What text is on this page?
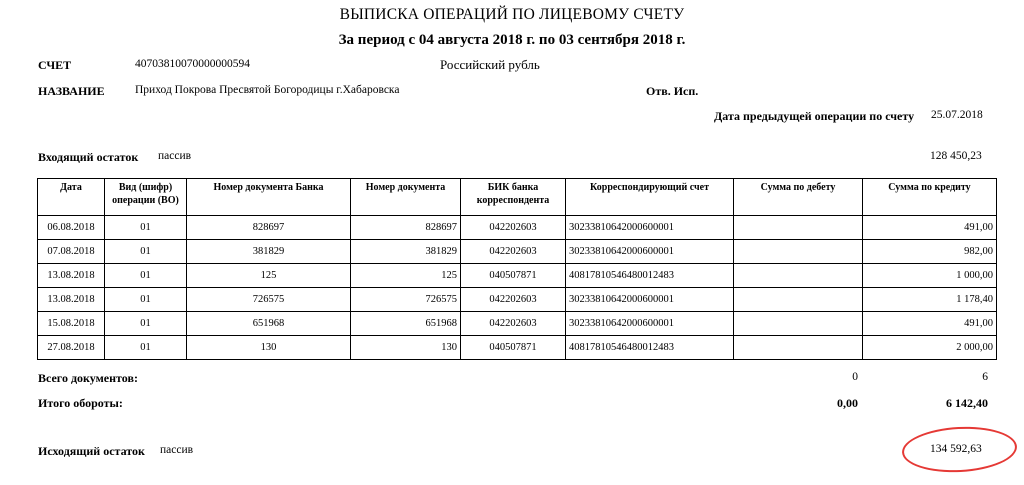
ВЫПИСКА ОПЕРАЦИЙ ПО ЛИЦЕВОМУ СЧЕТУ
За период с 04 августа 2018 г. по 03 сентября 2018 г.
СЧЕТ	40703810070000000594	Российский рубль
НАЗВАНИЕ	Приход Покрова Пресвятой Богородицы г.Хабаровска	Отв. Исп.
Дата предыдущей операции по счету 25.07.2018
Входящий остаток пассив	128 450,23
Дата	Вид (шифр) операции (ВО)	Номер документа Банка	Номер документа	БИК банка корреспондента	Корреспондирующий счет	Сумма по дебету	Сумма по кредиту
06.08.2018	01	828697	828697	042202603	30233810642000600001		491,00
07.08.2018	01	381829	381829	042202603	30233810642000600001		982,00
13.08.2018	01	125	125	040507871	40817810546480012483		1 000,00
13.08.2018	01	726575	726575	042202603	30233810642000600001		1 178,40
15.08.2018	01	651968	651968	042202603	30233810642000600001		491,00
27.08.2018	01	130	130	040507871	40817810546480012483		2 000,00
Всего документов:	0	6
Итого обороты:	0,00	6 142,40
Исходящий остаток пассив	134 592,63
